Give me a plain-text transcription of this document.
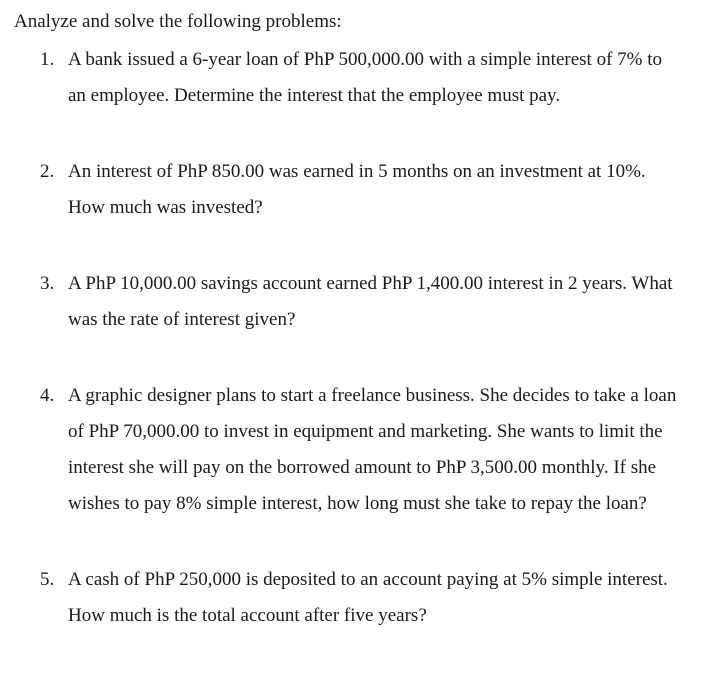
Analyze and solve the following problems:
1. A bank issued a 6-year loan of PhP 500,000.00 with a simple interest of 7% to
an employee. Determine the interest that the employee must pay.
2. An interest of PhP 850.00 was earned in 5 months on an investment at 10%.
How much was invested?
3. A PhP 10,000.00 savings account earned PhP 1,400.00 interest in 2 years. What
was the rate of interest given?
4. A graphic designer plans to start a freelance business. She decides to take a loan
of PhP 70,000.00 to invest in equipment and marketing. She wants to limit the
interest she will pay on the borrowed amount to PhP 3,500.00 monthly. If she
wishes to pay 8% simple interest, how long must she take to repay the loan?
5. A cash of PhP 250,000 is deposited to an account paying at 5% simple interest.
How much is the total account after five years?
